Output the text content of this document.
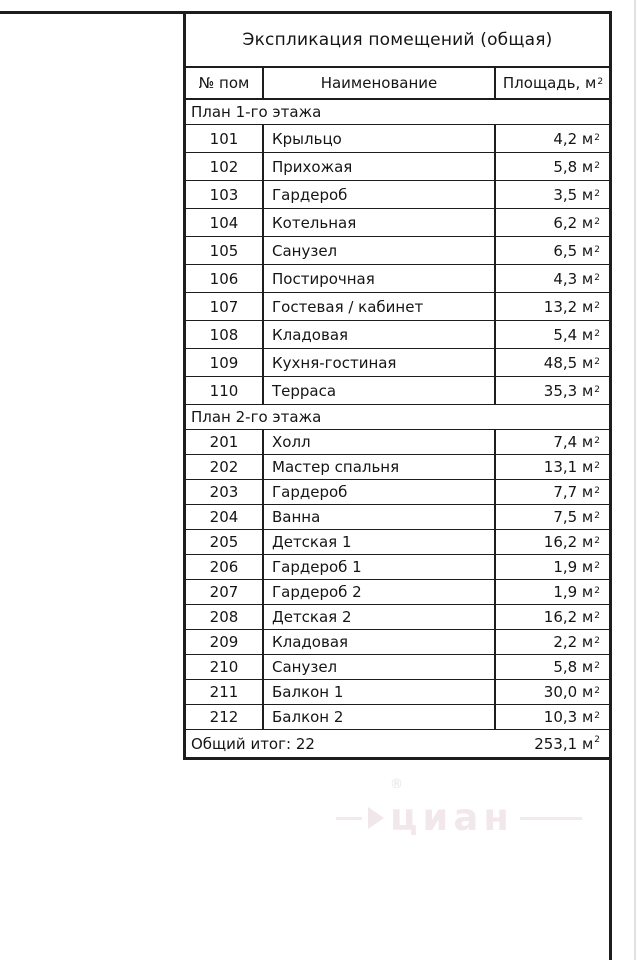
Экспликация помещений (общая)
№ пом	Наименование	Площадь, $м^2$
План 1-го этажа
101	Крыльцо	4,2 $м^2$
102	Прихожая	5,8 $м^2$
103	Гардероб	3,5 $м^2$
104	Котельная	6,2 $м^2$
105	Санузел	6,5 $м^2$
106	Постирочная	4,3 $м^2$
107	Гостевая / кабинет	13,2 $м^2$
108	Кладовая	5,4 $м^2$
109	Кухня-гостиная	48,5 $м^2$
110	Терраса	35,3 $м^2$
План 2-го этажа
201	Холл	7,4 $м^2$
202	Мастер спальня	13,1 $м^2$
203	Гардероб	7,7 $м^2$
204	Ванна	7,5 $м^2$
205	Детская 1	16,2 $м^2$
206	Гардероб 1	1,9 $м^2$
207	Гардероб 2	1,9 $м^2$
208	Детская 2	16,2 $м^2$
209	Кладовая	2,2 $м^2$
210	Санузел	5,8 $м^2$
211	Балкон 1	30,0 $м^2$
212	Балкон 2	10,3 $м^2$
Общий итог: 22	253,1 $м^2$
®
циан
